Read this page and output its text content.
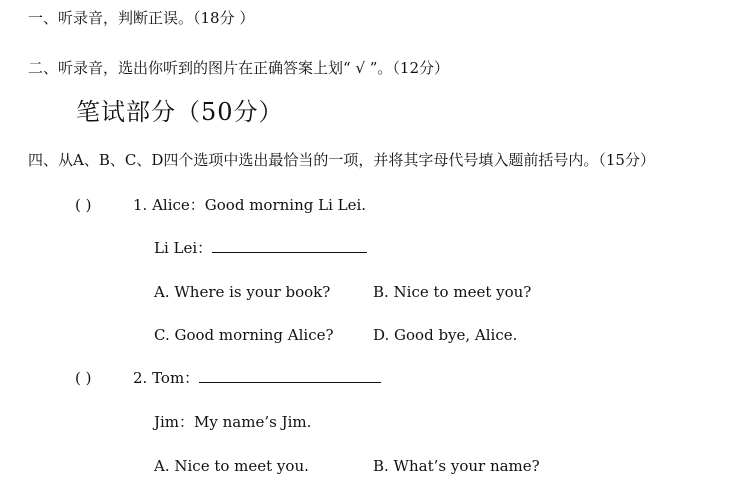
一、听录音，判断正误。（18分 ）
二、听录音，选出你听到的图片在正确答案上划“ √ ”。（12分）
笔试部分（50分）
四、从A、B、C、D四个选项中选出最恰当的一项，并将其字母代号填入题前括号内。（15分）
( )	1. Alice：Good morning Li Lei.
Li Lei：
A. Where is your book?	B. Nice to meet you?
C. Good morning Alice?	D. Good bye, Alice.
( )	2. Tom：
Jim：My name’s Jim.
A. Nice to meet you.	B. What’s your name?
